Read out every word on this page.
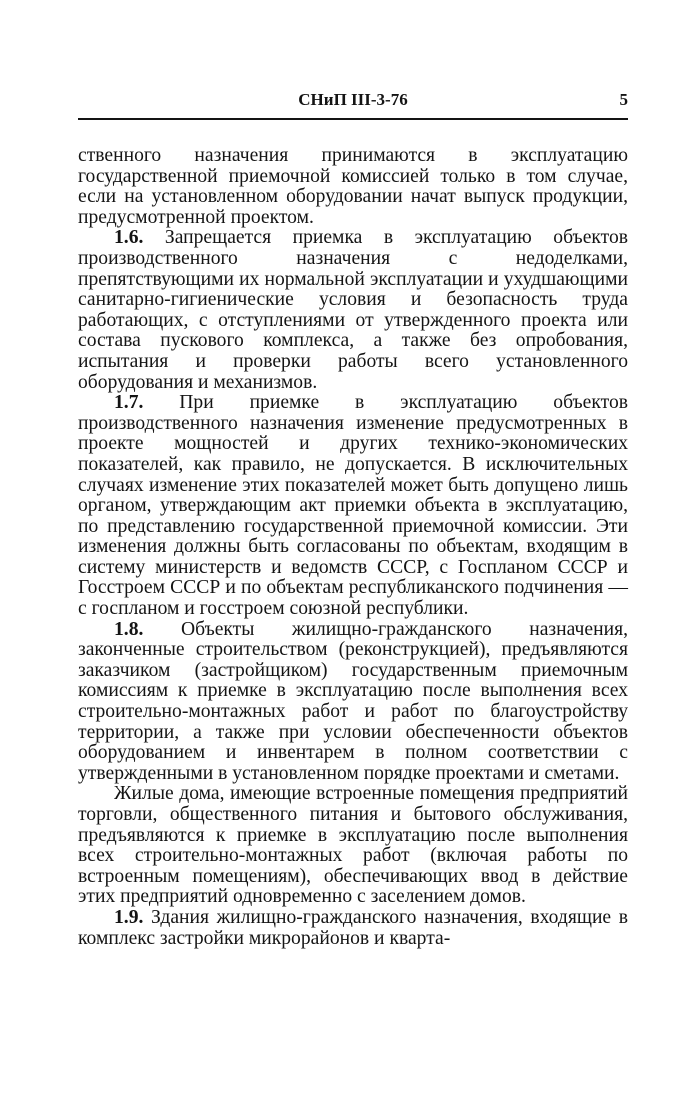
СНиП III-3-76	5

ственного назначения принимаются в эксплуатацию государственной приемочной комиссией только в том случае, если на установленном оборудовании начат выпуск продукции, предусмотренной проектом.

1.6. Запрещается приемка в эксплуатацию объектов производственного назначения с недоделками, препятствующими их нормальной эксплуатации и ухудшающими санитарно-гигиенические условия и безопасность труда работающих, с отступлениями от утвержденного проекта или состава пускового комплекса, а также без опробования, испытания и проверки работы всего установленного оборудования и механизмов.

1.7. При приемке в эксплуатацию объектов производственного назначения изменение предусмотренных в проекте мощностей и других технико-экономических показателей, как правило, не допускается. В исключительных случаях изменение этих показателей может быть допущено лишь органом, утверждающим акт приемки объекта в эксплуатацию, по представлению государственной приемочной комиссии. Эти изменения должны быть согласованы по объектам, входящим в систему министерств и ведомств СССР, с Госпланом СССР и Госстроем СССР и по объектам республиканского подчинения — с госпланом и госстроем союзной республики.

1.8. Объекты жилищно-гражданского назначения, законченные строительством (реконструкцией), предъявляются заказчиком (застройщиком) государственным приемочным комиссиям к приемке в эксплуатацию после выполнения всех строительно-монтажных работ и работ по благоустройству территории, а также при условии обеспеченности объектов оборудованием и инвентарем в полном соответствии с утвержденными в установленном порядке проектами и сметами.

Жилые дома, имеющие встроенные помещения предприятий торговли, общественного питания и бытового обслуживания, предъявляются к приемке в эксплуатацию после выполнения всех строительно-монтажных работ (включая работы по встроенным помещениям), обеспечивающих ввод в действие этих предприятий одновременно с заселением домов.

1.9. Здания жилищно-гражданского назначения, входящие в комплекс застройки микрорайонов и кварта-
